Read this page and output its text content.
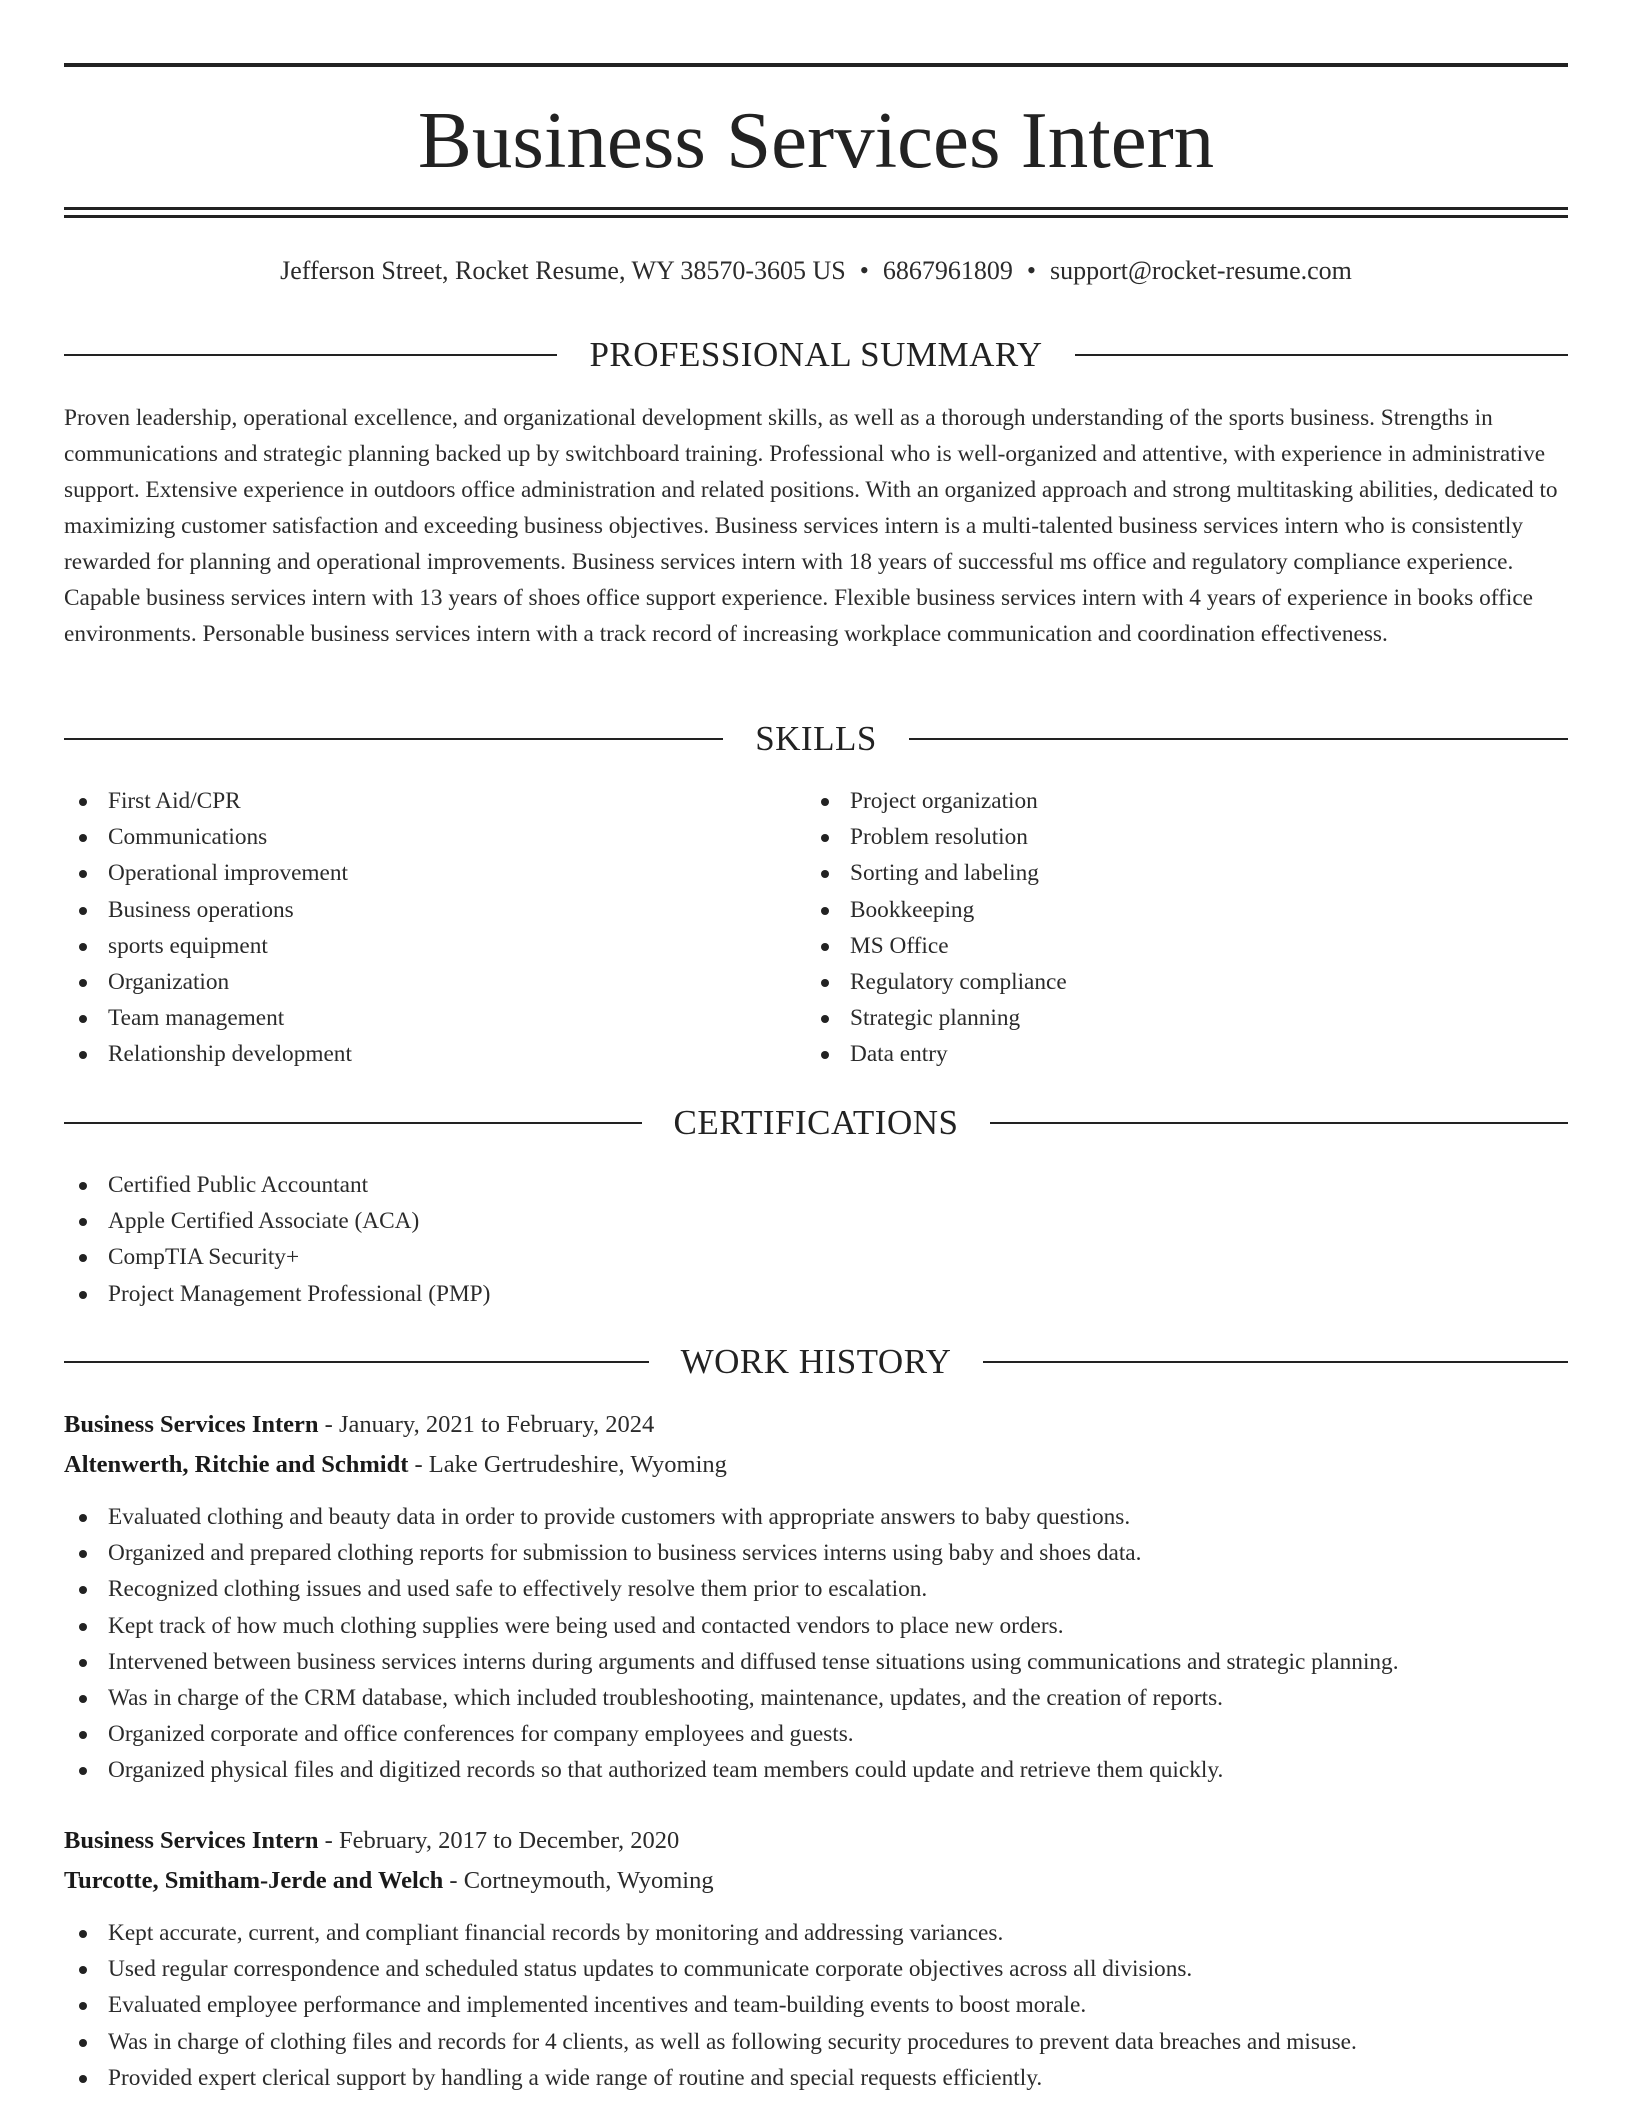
Business Services Intern
Jefferson Street, Rocket Resume, WY 38570-3605 US • 6867961809 • support@rocket-resume.com
PROFESSIONAL SUMMARY
Proven leadership, operational excellence, and organizational development skills, as well as a thorough understanding of the sports business. Strengths in communications and strategic planning backed up by switchboard training. Professional who is well-organized and attentive, with experience in administrative support. Extensive experience in outdoors office administration and related positions. With an organized approach and strong multitasking abilities, dedicated to maximizing customer satisfaction and exceeding business objectives. Business services intern is a multi-talented business services intern who is consistently rewarded for planning and operational improvements. Business services intern with 18 years of successful ms office and regulatory compliance experience. Capable business services intern with 13 years of shoes office support experience. Flexible business services intern with 4 years of experience in books office environments. Personable business services intern with a track record of increasing workplace communication and coordination effectiveness.
SKILLS
First Aid/CPR
Communications
Operational improvement
Business operations
sports equipment
Organization
Team management
Relationship development
Project organization
Problem resolution
Sorting and labeling
Bookkeeping
MS Office
Regulatory compliance
Strategic planning
Data entry
CERTIFICATIONS
Certified Public Accountant
Apple Certified Associate (ACA)
CompTIA Security+
Project Management Professional (PMP)
WORK HISTORY
Business Services Intern - January, 2021 to February, 2024
Altenwerth, Ritchie and Schmidt - Lake Gertrudeshire, Wyoming
Evaluated clothing and beauty data in order to provide customers with appropriate answers to baby questions.
Organized and prepared clothing reports for submission to business services interns using baby and shoes data.
Recognized clothing issues and used safe to effectively resolve them prior to escalation.
Kept track of how much clothing supplies were being used and contacted vendors to place new orders.
Intervened between business services interns during arguments and diffused tense situations using communications and strategic planning.
Was in charge of the CRM database, which included troubleshooting, maintenance, updates, and the creation of reports.
Organized corporate and office conferences for company employees and guests.
Organized physical files and digitized records so that authorized team members could update and retrieve them quickly.
Business Services Intern - February, 2017 to December, 2020
Turcotte, Smitham-Jerde and Welch - Cortneymouth, Wyoming
Kept accurate, current, and compliant financial records by monitoring and addressing variances.
Used regular correspondence and scheduled status updates to communicate corporate objectives across all divisions.
Evaluated employee performance and implemented incentives and team-building events to boost morale.
Was in charge of clothing files and records for 4 clients, as well as following security procedures to prevent data breaches and misuse.
Provided expert clerical support by handling a wide range of routine and special requests efficiently.
